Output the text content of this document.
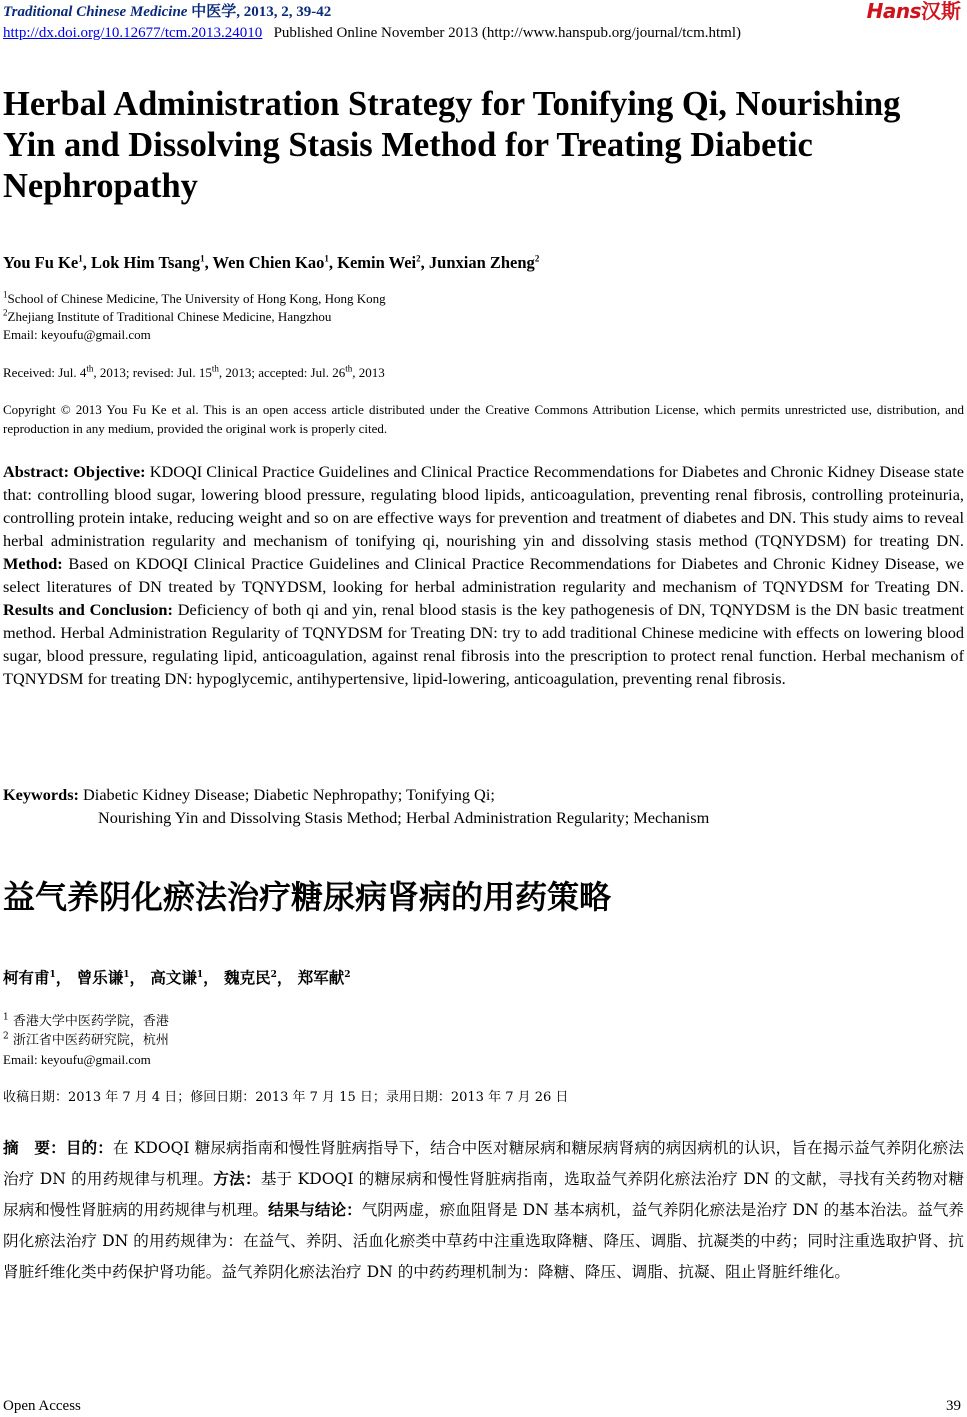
Traditional Chinese Medicine 中医学, 2013, 2, 39-42
http://dx.doi.org/10.12677/tcm.2013.24010 Published Online November 2013 (http://www.hanspub.org/journal/tcm.html)
Hans汉斯
Herbal Administration Strategy for Tonifying Qi, Nourishing Yin and Dissolving Stasis Method for Treating Diabetic Nephropathy
You Fu Ke$^1$, Lok Him Tsang$^1$, Wen Chien Kao$^1$, Kemin Wei$^2$, Junxian Zheng$^2$
$^1$School of Chinese Medicine, The University of Hong Kong, Hong Kong
$^2$Zhejiang Institute of Traditional Chinese Medicine, Hangzhou
Email: keyoufu@gmail.com
Received: Jul. 4th, 2013; revised: Jul. 15th, 2013; accepted: Jul. 26th, 2013
Copyright © 2013 You Fu Ke et al. This is an open access article distributed under the Creative Commons Attribution License, which permits unrestricted use, distribution, and reproduction in any medium, provided the original work is properly cited.
Abstract: Objective: KDOQI Clinical Practice Guidelines and Clinical Practice Recommendations for Diabetes and Chronic Kidney Disease state that: controlling blood sugar, lowering blood pressure, regulating blood lipids, anticoagulation, preventing renal fibrosis, controlling proteinuria, controlling protein intake, reducing weight and so on are effective ways for prevention and treatment of diabetes and DN. This study aims to reveal herbal administration regularity and mechanism of tonifying qi, nourishing yin and dissolving stasis method (TQNYDSM) for treating DN. Method: Based on KDOQI Clinical Practice Guidelines and Clinical Practice Recommendations for Diabetes and Chronic Kidney Disease, we select literatures of DN treated by TQNYDSM, looking for herbal administration regularity and mechanism of TQNYDSM for Treating DN. Results and Conclusion: Deficiency of both qi and yin, renal blood stasis is the key pathogenesis of DN, TQNYDSM is the DN basic treatment method. Herbal Administration Regularity of TQNYDSM for Treating DN: try to add traditional Chinese medicine with effects on lowering blood sugar, blood pressure, regulating lipid, anticoagulation, against renal fibrosis into the prescription to protect renal function. Herbal mechanism of TQNYDSM for treating DN: hypoglycemic, antihypertensive, lipid-lowering, anticoagulation, preventing renal fibrosis.
Keywords: Diabetic Kidney Disease; Diabetic Nephropathy; Tonifying Qi;
Nourishing Yin and Dissolving Stasis Method; Herbal Administration Regularity; Mechanism
益气养阴化瘀法治疗糖尿病肾病的用药策略
柯有甫$^1$， 曾乐谦$^1$， 高文谦$^1$， 魏克民$^2$， 郑军献$^2$
$^1$ 香港大学中医药学院，香港
$^2$ 浙江省中医药研究院，杭州
Email: keyoufu@gmail.com
收稿日期：2013 年 7 月 4 日；修回日期：2013 年 7 月 15 日；录用日期：2013 年 7 月 26 日
摘　要：目的：在 KDOQI 糖尿病指南和慢性肾脏病指导下，结合中医对糖尿病和糖尿病肾病的病因病机的认识，旨在揭示益气养阴化瘀法治疗 DN 的用药规律与机理。方法：基于 KDOQI 的糖尿病和慢性肾脏病指南，选取益气养阴化瘀法治疗 DN 的文献，寻找有关药物对糖尿病和慢性肾脏病的用药规律与机理。结果与结论：气阴两虚，瘀血阻肾是 DN 基本病机，益气养阴化瘀法是治疗 DN 的基本治法。益气养阴化瘀法治疗 DN 的用药规律为：在益气、养阴、活血化瘀类中草药中注重选取降糖、降压、调脂、抗凝类的中药；同时注重选取护肾、抗肾脏纤维化类中药保护肾功能。益气养阴化瘀法治疗 DN 的中药药理机制为：降糖、降压、调脂、抗凝、阻止肾脏纤维化。
Open Access	39
